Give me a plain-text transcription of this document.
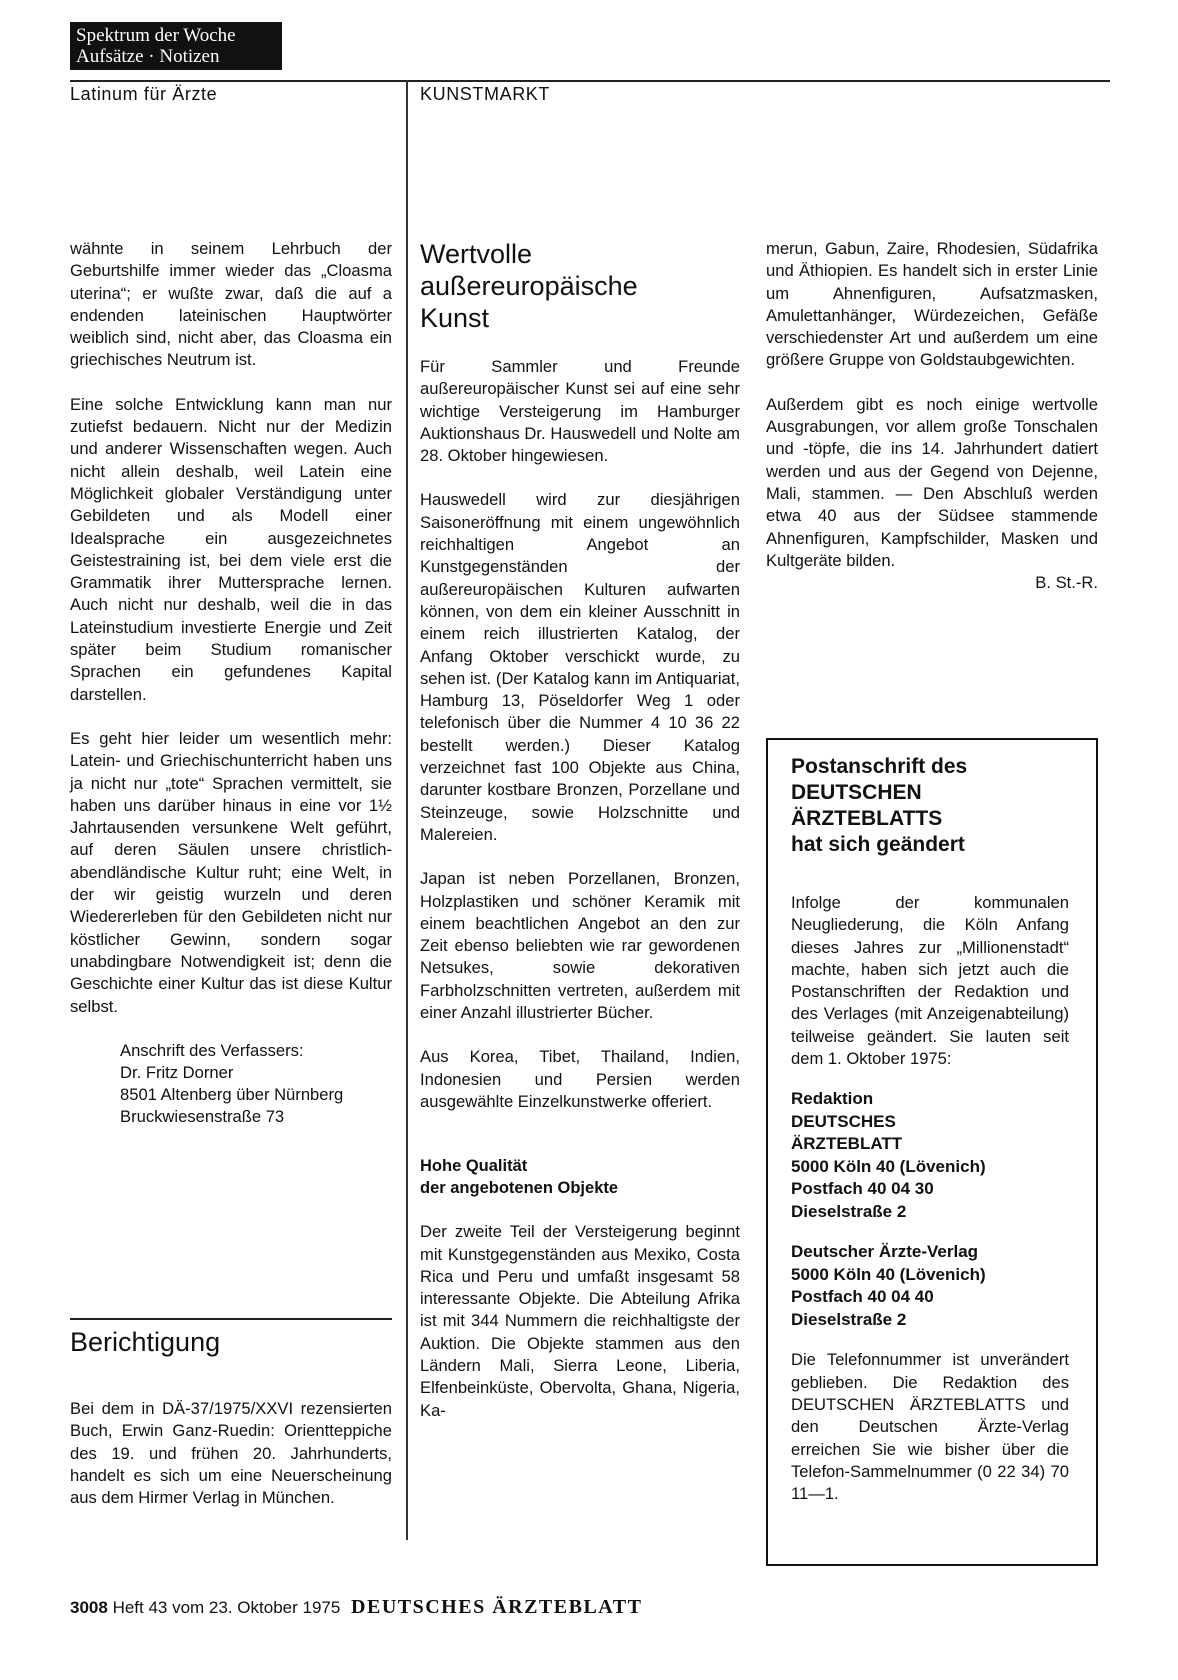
Spektrum der Woche
Aufsätze · Notizen
Latinum für Ärzte	KUNSTMARKT

wähnte in seinem Lehrbuch der Geburtshilfe immer wieder das „Cloasma uterina“; er wußte zwar, daß die auf a endenden lateinischen Hauptwörter weiblich sind, nicht aber, das Cloasma ein griechisches Neutrum ist.

Eine solche Entwicklung kann man nur zutiefst bedauern. Nicht nur der Medizin und anderer Wissenschaften wegen. Auch nicht allein deshalb, weil Latein eine Möglichkeit globaler Verständigung unter Gebildeten und als Modell einer Idealsprache ein ausgezeichnetes Geistestraining ist, bei dem viele erst die Grammatik ihrer Muttersprache lernen. Auch nicht nur deshalb, weil die in das Lateinstudium investierte Energie und Zeit später beim Studium romanischer Sprachen ein gefundenes Kapital darstellen.

Es geht hier leider um wesentlich mehr: Latein- und Griechischunterricht haben uns ja nicht nur „tote“ Sprachen vermittelt, sie haben uns darüber hinaus in eine vor 1½ Jahrtausenden versunkene Welt geführt, auf deren Säulen unsere christlich-abendländische Kultur ruht; eine Welt, in der wir geistig wurzeln und deren Wiedererleben für den Gebildeten nicht nur köstlicher Gewinn, sondern sogar unabdingbare Notwendigkeit ist; denn die Geschichte einer Kultur das ist diese Kultur selbst.

Anschrift des Verfassers:
Dr. Fritz Dorner
8501 Altenberg über Nürnberg
Bruckwiesenstraße 73
Berichtigung

Bei dem in DÄ-37/1975/XXVI rezensierten Buch, Erwin Ganz-Ruedin: Orientteppiche des 19. und frühen 20. Jahrhunderts, handelt es sich um eine Neuerscheinung aus dem Hirmer Verlag in München.

Wertvolle außereuropäische Kunst

Für Sammler und Freunde außereuropäischer Kunst sei auf eine sehr wichtige Versteigerung im Hamburger Auktionshaus Dr. Hauswedell und Nolte am 28. Oktober hingewiesen.

Hauswedell wird zur diesjährigen Saisoneröffnung mit einem ungewöhnlich reichhaltigen Angebot an Kunstgegenständen der außereuropäischen Kulturen aufwarten können, von dem ein kleiner Ausschnitt in einem reich illustrierten Katalog, der Anfang Oktober verschickt wurde, zu sehen ist. (Der Katalog kann im Antiquariat, Hamburg 13, Pöseldorfer Weg 1 oder telefonisch über die Nummer 4 10 36 22 bestellt werden.) Dieser Katalog verzeichnet fast 100 Objekte aus China, darunter kostbare Bronzen, Porzellane und Steinzeuge, sowie Holzschnitte und Malereien.

Japan ist neben Porzellanen, Bronzen, Holzplastiken und schöner Keramik mit einem beachtlichen Angebot an den zur Zeit ebenso beliebten wie rar gewordenen Netsukes, sowie dekorativen Farbholzschnitten vertreten, außerdem mit einer Anzahl illustrierter Bücher.

Aus Korea, Tibet, Thailand, Indien, Indonesien und Persien werden ausgewählte Einzelkunstwerke offeriert.

Hohe Qualität
der angebotenen Objekte

Der zweite Teil der Versteigerung beginnt mit Kunstgegenständen aus Mexiko, Costa Rica und Peru und umfaßt insgesamt 58 interessante Objekte. Die Abteilung Afrika ist mit 344 Nummern die reichhaltigste der Auktion. Die Objekte stammen aus den Ländern Mali, Sierra Leone, Liberia, Elfenbeinküste, Obervolta, Ghana, Nigeria, Ka-

merun, Gabun, Zaire, Rhodesien, Südafrika und Äthiopien. Es handelt sich in erster Linie um Ahnenfiguren, Aufsatzmasken, Amulettanhänger, Würdezeichen, Gefäße verschiedenster Art und außerdem um eine größere Gruppe von Goldstaubgewichten.

Außerdem gibt es noch einige wertvolle Ausgrabungen, vor allem große Tonschalen und -töpfe, die ins 14. Jahrhundert datiert werden und aus der Gegend von Dejenne, Mali, stammen. — Den Abschluß werden etwa 40 aus der Südsee stammende Ahnenfiguren, Kampfschilder, Masken und Kultgeräte bilden.

B. St.-R.
Postanschrift des
DEUTSCHEN
ÄRZTEBLATTS
hat sich geändert

Infolge der kommunalen Neugliederung, die Köln Anfang dieses Jahres zur „Millionenstadt“ machte, haben sich jetzt auch die Postanschriften der Redaktion und des Verlages (mit Anzeigenabteilung) teilweise geändert. Sie lauten seit dem 1. Oktober 1975:

Redaktion
DEUTSCHES
ÄRZTEBLATT
5000 Köln 40 (Lövenich)
Postfach 40 04 30
Dieselstraße 2
Deutscher Ärzte-Verlag
5000 Köln 40 (Lövenich)
Postfach 40 04 40
Dieselstraße 2

Die Telefonnummer ist unverändert geblieben. Die Redaktion des DEUTSCHEN ÄRZTEBLATTS und den Deutschen Ärzte-Verlag erreichen Sie wie bisher über die Telefon-Sammelnummer (0 22 34) 70 11—1.

3008 Heft 43 vom 23. Oktober 1975 DEUTSCHES ÄRZTEBLATT
